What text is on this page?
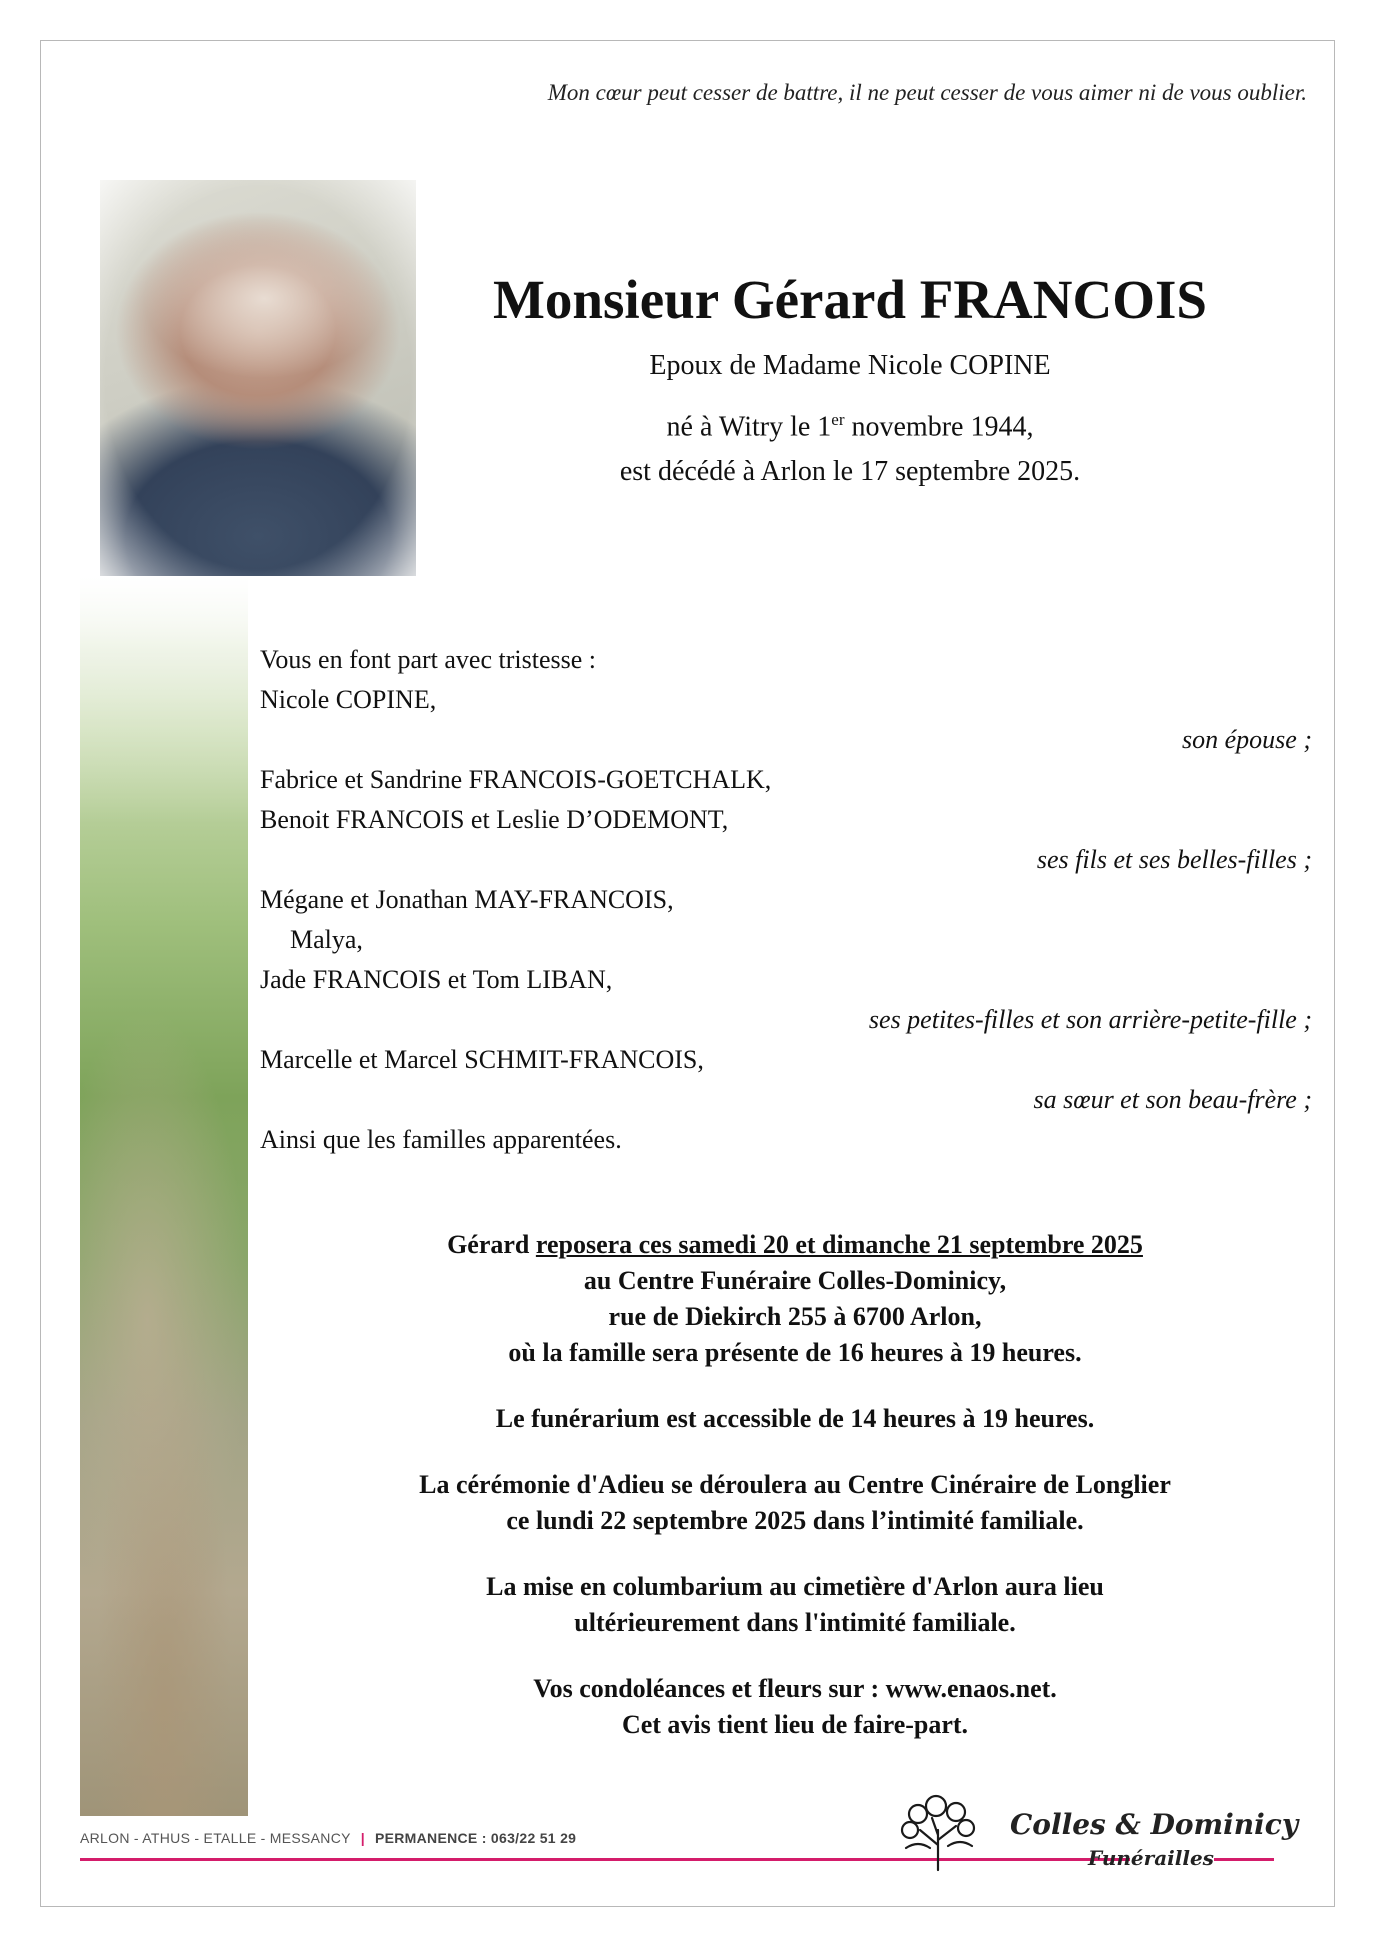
Mon cœur peut cesser de battre, il ne peut cesser de vous aimer ni de vous oublier.
Monsieur Gérard FRANCOIS
Epoux de Madame Nicole COPINE
né à Witry le 1er novembre 1944,
est décédé à Arlon le 17 septembre 2025.
Vous en font part avec tristesse :
Nicole COPINE,
son épouse ;
Fabrice et Sandrine FRANCOIS-GOETCHALK,
Benoit FRANCOIS et Leslie D’ODEMONT,
ses fils et ses belles-filles ;
Mégane et Jonathan MAY-FRANCOIS,
Malya,
Jade FRANCOIS et Tom LIBAN,
ses petites-filles et son arrière-petite-fille ;
Marcelle et Marcel SCHMIT-FRANCOIS,
sa sœur et son beau-frère ;
Ainsi que les familles apparentées.
Gérard reposera ces samedi 20 et dimanche 21 septembre 2025
au Centre Funéraire Colles-Dominicy,
rue de Diekirch 255 à 6700 Arlon,
où la famille sera présente de 16 heures à 19 heures.
Le funérarium est accessible de 14 heures à 19 heures.
La cérémonie d'Adieu se déroulera au Centre Cinéraire de Longlier
ce lundi 22 septembre 2025 dans l’intimité familiale.
La mise en columbarium au cimetière d'Arlon aura lieu
ultérieurement dans l'intimité familiale.
Vos condoléances et fleurs sur : www.enaos.net.
Cet avis tient lieu de faire-part.
ARLON - ATHUS - ETALLE - MESSANCY | PERMANENCE : 063/22 51 29	Colles & Dominicy
Funérailles
